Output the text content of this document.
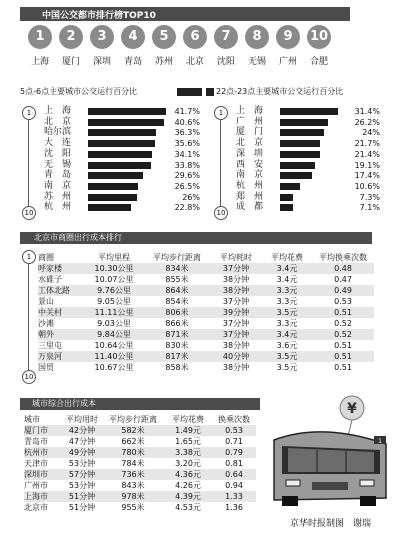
中国公交都市排行榜TOP10
1
上海
2
厦门
3
深圳
4
青岛
5
苏州
6
北京
7
沈阳
8
无锡
9
广州
10
合肥
5点-6点主要城市公交运行百分比	22点-23点主要城市公交运行百分比
1
10
上　海	41.7%
北　京	40.6%
哈尔滨	36.3%
大　连	35.6%
沈　阳	34.1%
无　锡	33.8%
青　岛	29.6%
南　京	26.5%
苏　州	26%
杭　州	22.8%
1
10
上　海	31.4%
广　州	26.2%
厦　门	24%
北　京	21.7%
深　圳	21.4%
西　安	19.1%
南　京	17.4%
杭　州	10.6%
郑　州	7.3%
成　都	7.1%
北京市商圈出行成本排行
1
10
商圈	平均里程	平均步行距离	平均耗时	平均花费	平均换乘次数
呼家楼	10.30公里	834米	37分钟	3.4元	0.48
水碓子	10.07公里	855米	38分钟	3.4元	0.47
工体北路	9.76公里	864米	38分钟	3.3元	0.49
景山	9.05公里	854米	37分钟	3.3元	0.53
中关村	11.11公里	806米	39分钟	3.5元	0.51
沙滩	9.03公里	866米	37分钟	3.3元	0.52
朝外	9.84公里	871米	37分钟	3.4元	0.52
三里屯	10.64公里	830米	38分钟	3.6元	0.51
万泉河	11.40公里	817米	40分钟	3.5元	0.51
国贸	10.67公里	858米	38分钟	3.5元	0.51
城市综合出行成本
城市	平均用时	平均步行距离	平均花费	换乘次数
厦门市	42分钟	582米	1.49元	0.53
青岛市	47分钟	662米	1.65元	0.71
杭州市	49分钟	780米	3.38元	0.79
天津市	53分钟	784米	3.20元	0.81
深圳市	57分钟	736米	4.36元	0.64
广州市	53分钟	843米	4.26元	0.94
上海市	51分钟	978米	4.39元	1.33
北京市	51分钟	955米	4.53元	1.36
¥
1
京华时报制图　谢瑞
